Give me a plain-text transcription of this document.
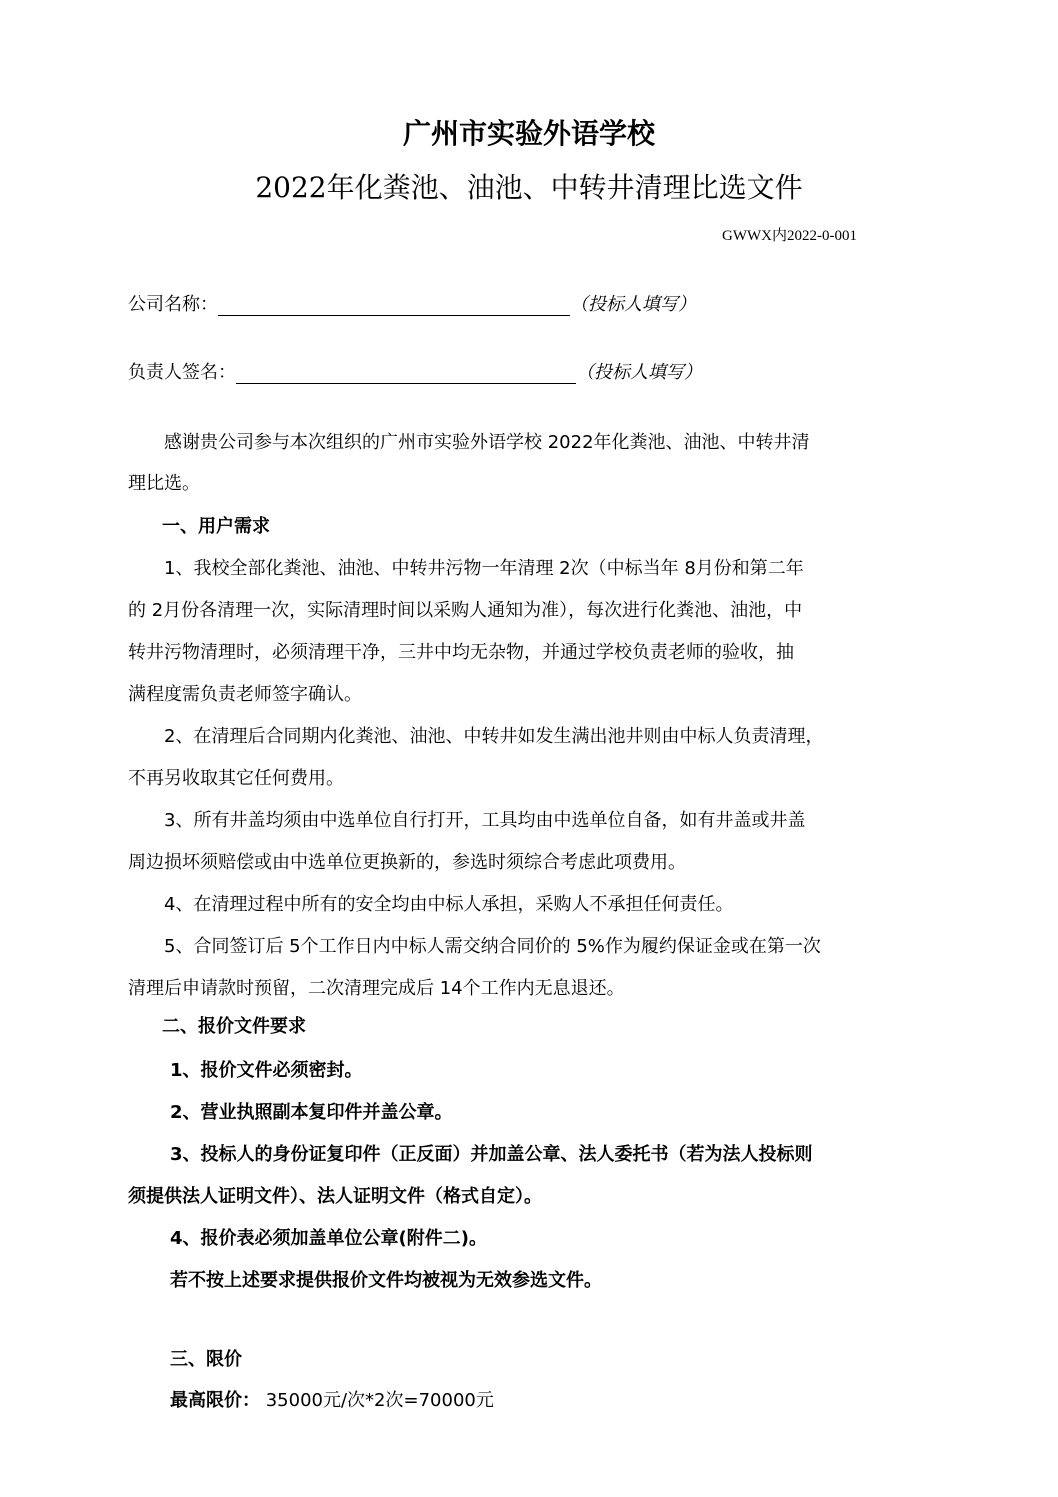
广州市实验外语学校
2022年化粪池、油池、中转井清理比选文件
GWWX内2022-0-001
公司名称：	（投标人填写）
负责人签名：	（投标人填写）
　　感谢贵公司参与本次组织的广州市实验外语学校 2022年化粪池、油池、中转井清
理比选。
一、用户需求
　　1、我校全部化粪池、油池、中转井污物一年清理 2次（中标当年 8月份和第二年
的 2月份各清理一次，实际清理时间以采购人通知为准），每次进行化粪池、油池，中
转井污物清理时，必须清理干净，三井中均无杂物，并通过学校负责老师的验收，抽
满程度需负责老师签字确认。
　　2、在清理后合同期内化粪池、油池、中转井如发生满出池井则由中标人负责清理，
不再另收取其它任何费用。
　　3、所有井盖均须由中选单位自行打开，工具均由中选单位自备，如有井盖或井盖
周边损坏须赔偿或由中选单位更换新的，参选时须综合考虑此项费用。
　　4、在清理过程中所有的安全均由中标人承担，采购人不承担任何责任。
　　5、合同签订后 5个工作日内中标人需交纳合同价的 5%作为履约保证金或在第一次
清理后申请款时预留，二次清理完成后 14个工作内无息退还。
二、报价文件要求
1、报价文件必须密封。
2、营业执照副本复印件并盖公章。
3、投标人的身份证复印件（正反面）并加盖公章、法人委托书（若为法人投标则
须提供法人证明文件）、法人证明文件（格式自定）。
4、报价表必须加盖单位公章(附件二)。
若不按上述要求提供报价文件均被视为无效参选文件。
三、限价
最高限价： 35000元/次*2次=70000元
